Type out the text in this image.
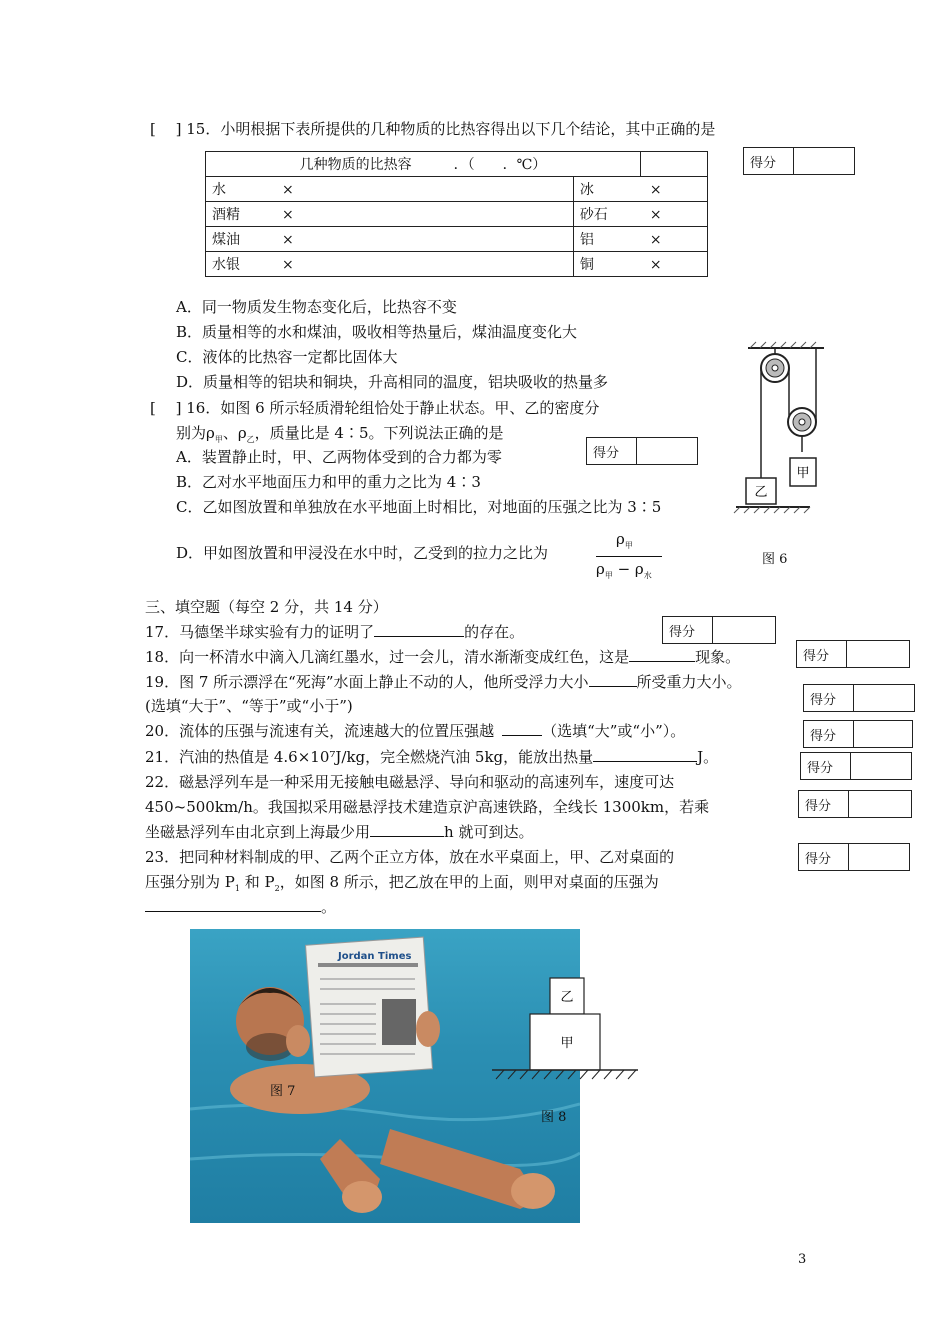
[　 ] 15．小明根据下表所提供的几种物质的比热容得出以下几个结论，其中正确的是
几种物质的比热容　　　．（　　．℃）		
水 ×	冰 ×	
酒精 ×	砂石 ×	
煤油 ×	铝 ×	
水银 ×	铜 ×	
得分
A．同一物质发生物态变化后，比热容不变
B．质量相等的水和煤油，吸收相等热量后，煤油温度变化大
C．液体的比热容一定都比固体大
D．质量相等的铝块和铜块，升高相同的温度，铝块吸收的热量多
[　 ] 16．如图 6 所示轻质滑轮组恰处于静止状态。甲、乙的密度分
别为$\rho_甲$、$\rho_乙$，质量比是 4∶5。下列说法正确的是
得分
A．装置静止时，甲、乙两物体受到的合力都为零
B．乙对水平地面压力和甲的重力之比为 4∶3
C．乙如图放置和单独放在水平地面上时相比，对地面的压强之比为 3∶5
D．甲如图放置和甲浸没在水中时，乙受到的拉力之比为
$\rho_甲$
$\rho_甲 - \rho_水$
甲
乙
图 6
三、填空题（每空 2 分，共 14 分）
17．马德堡半球实验有力的证明了	的存在。	得分
18．向一杯清水中滴入几滴红墨水，过一会儿，清水渐渐变成红色，这是	现象。	得分
19．图 7 所示漂浮在“死海”水面上静止不动的人，他所受浮力大小	所受重力大小。
(选填“大于”、“等于”或“小于”)	得分
20．流体的压强与流速有关，流速越大的位置压强越	（选填“大”或“小”）。	得分
21．汽油的热值是 4.6×10⁷J/kg，完全燃烧汽油 5kg，能放出热量	J。
得分
22．磁悬浮列车是一种采用无接触电磁悬浮、导向和驱动的高速列车，速度可达
450~500km/h。我国拟采用磁悬浮技术建造京沪高速铁路，全线长 1300km，若乘
坐磁悬浮列车由北京到上海最少用	h 就可到达。
得分
23．把同种材料制成的甲、乙两个正立方体，放在水平桌面上，甲、乙对桌面的
压强分别为 $P_1$ 和 $P_2$，如图 8 所示，把乙放在甲的上面，则甲对桌面的压强为
。
得分
Jordan Times
图 7
乙
甲
图 8
3
